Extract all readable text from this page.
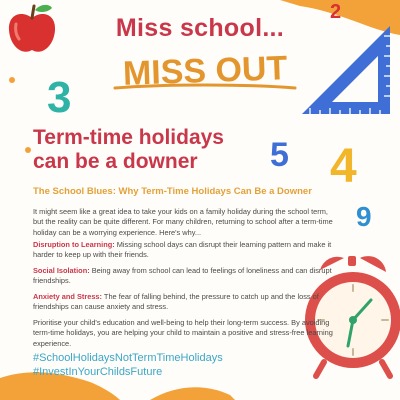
3
5 4
9
2
Miss school...
MISS OUT
Term-time holidays
can be a downer
The School Blues: Why Term-Time Holidays Can Be a Downer
It might seem like a great idea to take your kids on a family holiday during the school term, but the reality can be quite different. For many children, returning to school after a term-time holiday can be a worrying experience. Here's why...
Disruption to Learning: Missing school days can disrupt their learning pattern and make it harder to keep up with their friends.
Social Isolation: Being away from school can lead to feelings of loneliness and can disrupt friendships.
Anxiety and Stress: The fear of falling behind, the pressure to catch up and the loss of friendships can cause anxiety and stress.
Prioritise your child's education and well-being to help their long-term success. By avoiding term-time holidays, you are helping your child to maintain a positive and stress-free learning experience.
#SchoolHolidaysNotTermTimeHolidays
#InvestInYourChildsFuture
